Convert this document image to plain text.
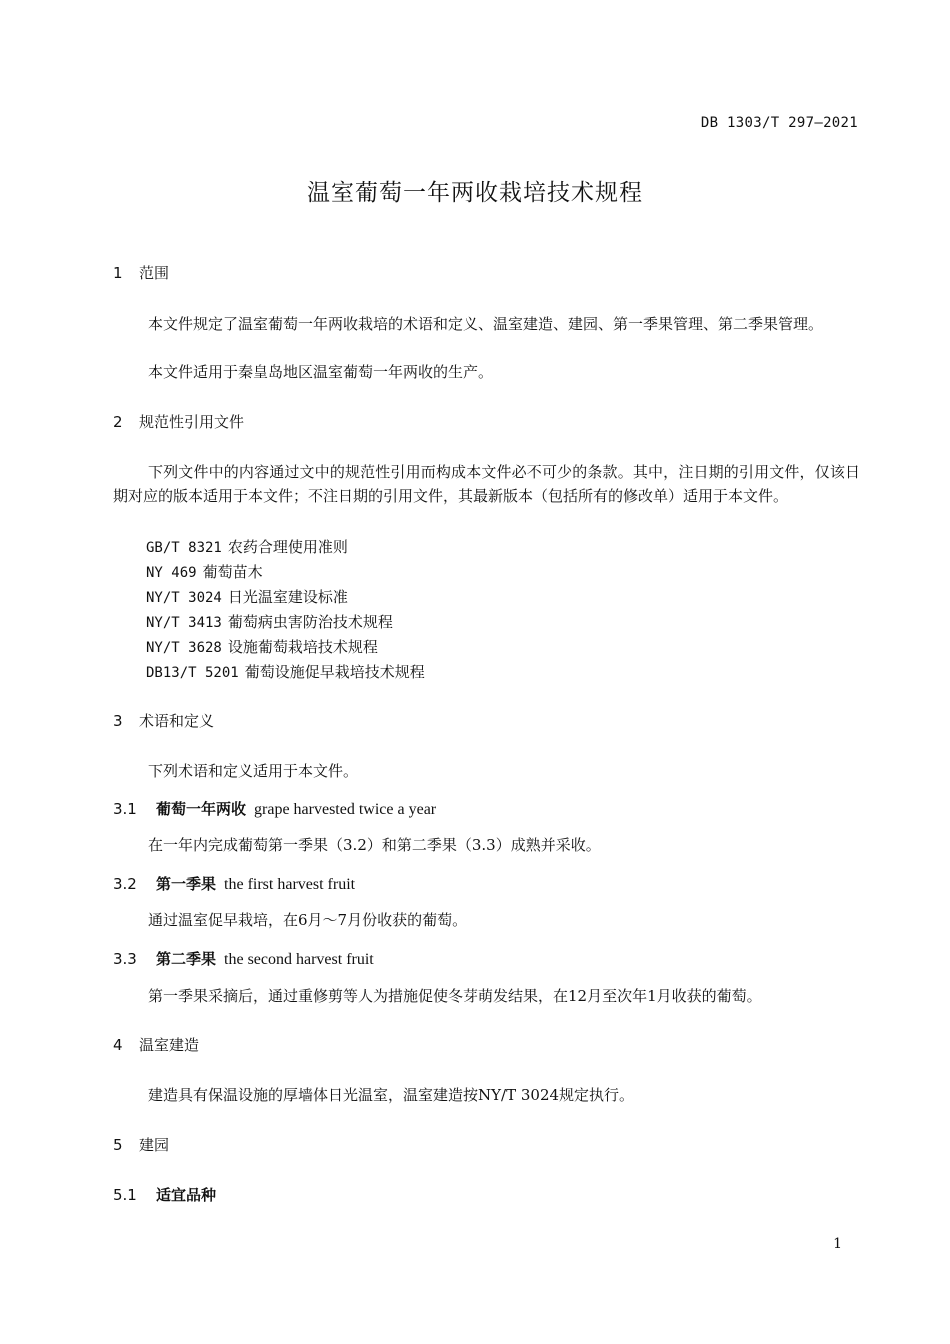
DB 1303/T 297—2021
温室葡萄一年两收栽培技术规程
1 范围
本文件规定了温室葡萄一年两收栽培的术语和定义、温室建造、建园、第一季果管理、第二季果管理。
本文件适用于秦皇岛地区温室葡萄一年两收的生产。
2 规范性引用文件
下列文件中的内容通过文中的规范性引用而构成本文件必不可少的条款。其中，注日期的引用文件，仅该日期对应的版本适用于本文件；不注日期的引用文件，其最新版本（包括所有的修改单）适用于本文件。
GB/T 8321 农药合理使用准则
NY 469 葡萄苗木
NY/T 3024 日光温室建设标准
NY/T 3413 葡萄病虫害防治技术规程
NY/T 3628 设施葡萄栽培技术规程
DB13/T 5201 葡萄设施促早栽培技术规程
3 术语和定义
下列术语和定义适用于本文件。
3.1 葡萄一年两收 grape harvested twice a year
在一年内完成葡萄第一季果（3.2）和第二季果（3.3）成熟并采收。
3.2 第一季果 the first harvest fruit
通过温室促早栽培，在6月～7月份收获的葡萄。
3.3 第二季果 the second harvest fruit
第一季果采摘后，通过重修剪等人为措施促使冬芽萌发结果，在12月至次年1月收获的葡萄。
4 温室建造
建造具有保温设施的厚墙体日光温室，温室建造按NY/T 3024规定执行。
5 建园
5.1 适宜品种
1
